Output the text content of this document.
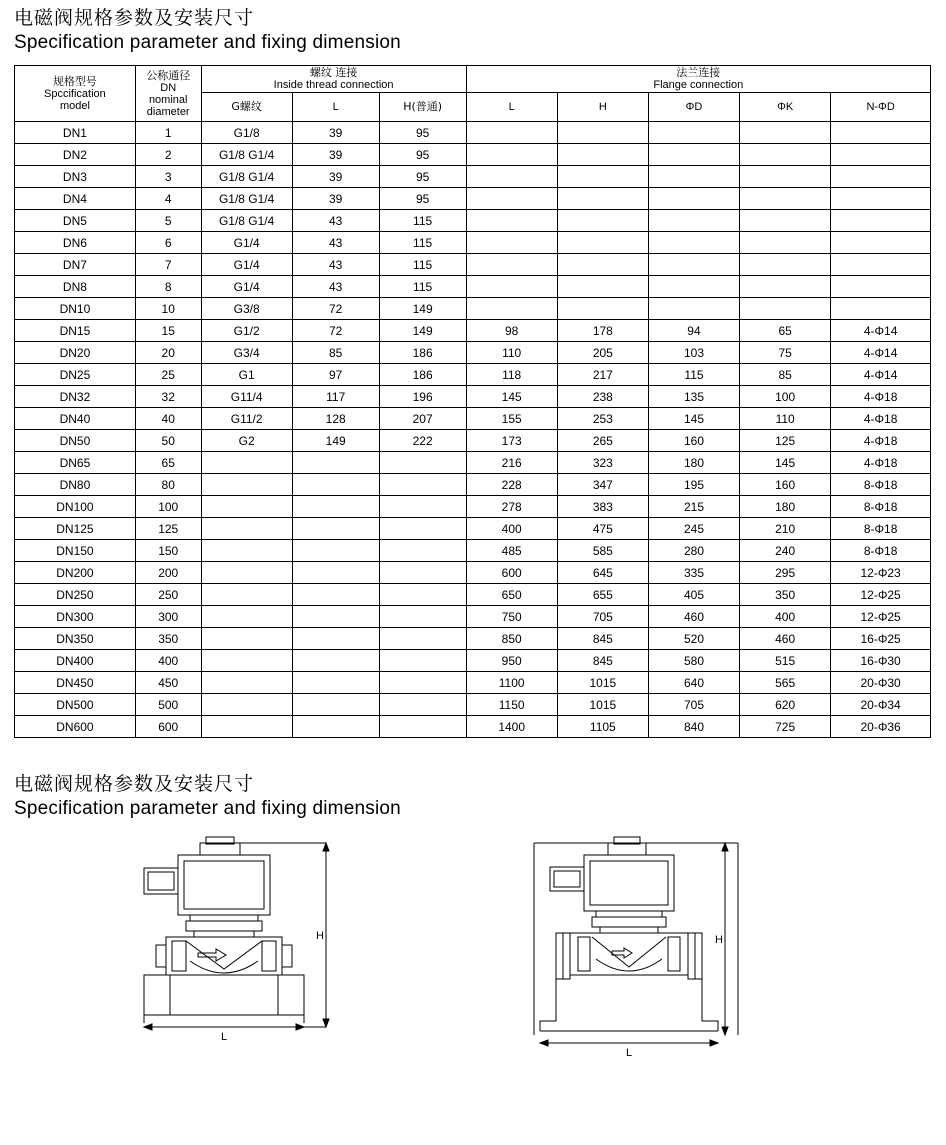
电磁阀规格参数及安装尺寸
Specification parameter and fixing dimension
规格型号
Spccification
model

公称通径
DN
nominal
diameter

螺纹 连接
Inside thread connection

法兰连接
Flange connection

		G螺纹	L	H(普通)	L	H	ΦD	ΦK	N-ΦD
DN1	1	G1/8	39	95					
DN2	2	G1/8 G1/4	39	95					
DN3	3	G1/8 G1/4	39	95					
DN4	4	G1/8 G1/4	39	95					
DN5	5	G1/8 G1/4	43	115					
DN6	6	G1/4	43	115					
DN7	7	G1/4	43	115					
DN8	8	G1/4	43	115					
DN10	10	G3/8	72	149					
DN15	15	G1/2	72	149	98	178	94	65	4-Φ14
DN20	20	G3/4	85	186	110	205	103	75	4-Φ14
DN25	25	G1	97	186	118	217	115	85	4-Φ14
DN32	32	G11/4	117	196	145	238	135	100	4-Φ18
DN40	40	G11/2	128	207	155	253	145	110	4-Φ18
DN50	50	G2	149	222	173	265	160	125	4-Φ18
DN65	65				216	323	180	145	4-Φ18
DN80	80				228	347	195	160	8-Φ18
DN100	100				278	383	215	180	8-Φ18
DN125	125				400	475	245	210	8-Φ18
DN150	150				485	585	280	240	8-Φ18
DN200	200				600	645	335	295	12-Φ23
DN250	250				650	655	405	350	12-Φ25
DN300	300				750	705	460	400	12-Φ25
DN350	350				850	845	520	460	16-Φ25
DN400	400				950	845	580	515	16-Φ30
DN450	450				1100	1015	640	565	20-Φ30
DN500	500				1150	1015	705	620	20-Φ34
DN600	600				1400	1105	840	725	20-Φ36
电磁阀规格参数及安装尺寸
Specification parameter and fixing dimension
H
L
H
L
